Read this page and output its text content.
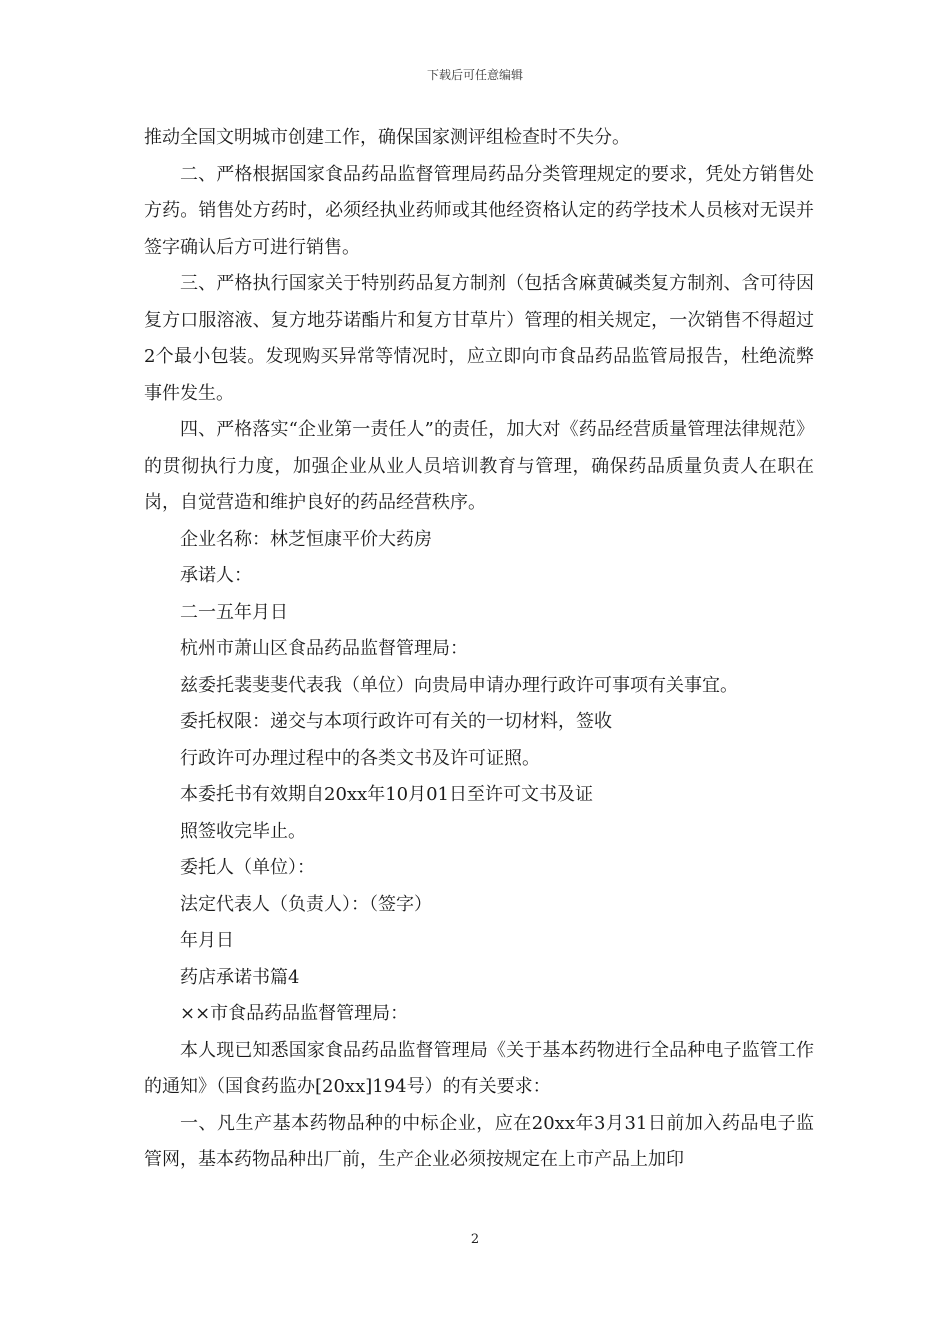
下载后可任意编辑

推动全国文明城市创建工作，确保国家测评组检查时不失分。

二、严格根据国家食品药品监督管理局药品分类管理规定的要求，凭处方销售处方药。销售处方药时，必须经执业药师或其他经资格认定的药学技术人员核对无误并签字确认后方可进行销售。

三、严格执行国家关于特别药品复方制剂（包括含麻黄碱类复方制剂、含可待因复方口服溶液、复方地芬诺酯片和复方甘草片）管理的相关规定，一次销售不得超过2个最小包装。发现购买异常等情况时，应立即向市食品药品监管局报告，杜绝流弊事件发生。

四、严格落实“企业第一责任人”的责任，加大对《药品经营质量管理法律规范》的贯彻执行力度，加强企业从业人员培训教育与管理，确保药品质量负责人在职在岗，自觉营造和维护良好的药品经营秩序。

企业名称：林芝恒康平价大药房

承诺人：

二一五年月日

杭州市萧山区食品药品监督管理局：

兹委托裴斐斐代表我（单位）向贵局申请办理行政许可事项有关事宜。

委托权限：递交与本项行政许可有关的一切材料，签收

行政许可办理过程中的各类文书及许可证照。

本委托书有效期自20xx年10月01日至许可文书及证

照签收完毕止。

委托人（单位）：

法定代表人（负责人）：（签字）

年月日

药店承诺书篇4

××市食品药品监督管理局：

本人现已知悉国家食品药品监督管理局《关于基本药物进行全品种电子监管工作的通知》（国食药监办[20xx]194号）的有关要求：

一、凡生产基本药物品种的中标企业，应在20xx年3月31日前加入药品电子监管网，基本药物品种出厂前，生产企业必须按规定在上市产品上加印

2
